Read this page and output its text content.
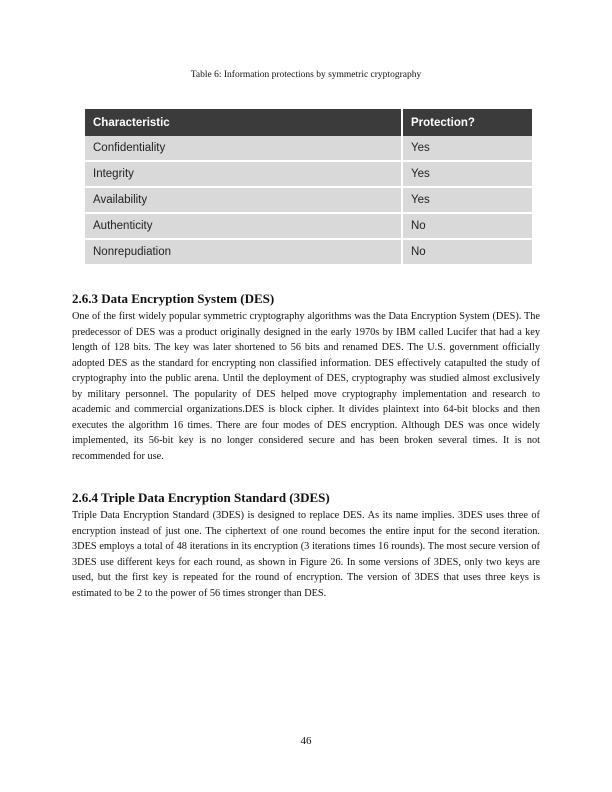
Table 6: Information protections by symmetric cryptography
Characteristic	Protection?
Confidentiality	Yes
Integrity	Yes
Availability	Yes
Authenticity	No
Nonrepudiation	No
2.6.3 Data Encryption System (DES)

One of the first widely popular symmetric cryptography algorithms was the Data Encryption System (DES). The predecessor of DES was a product originally designed in the early 1970s by IBM called Lucifer that had a key length of 128 bits. The key was later shortened to 56 bits and renamed DES. The U.S. government officially adopted DES as the standard for encrypting non classified information. DES effectively catapulted the study of cryptography into the public arena. Until the deployment of DES, cryptography was studied almost exclusively by military personnel. The popularity of DES helped move cryptography implementation and research to academic and commercial organizations.DES is block cipher. It divides plaintext into 64-bit blocks and then executes the algorithm 16 times. There are four modes of DES encryption. Although DES was once widely implemented, its 56-bit key is no longer considered secure and has been broken several times. It is not recommended for use.

2.6.4 Triple Data Encryption Standard (3DES)

Triple Data Encryption Standard (3DES) is designed to replace DES. As its name implies. 3DES uses three of encryption instead of just one. The ciphertext of one round becomes the entire input for the second iteration. 3DES employs a total of 48 iterations in its encryption (3 iterations times 16 rounds). The most secure version of 3DES use different keys for each round, as shown in Figure 26. In some versions of 3DES, only two keys are used, but the first key is repeated for the round of encryption. The version of 3DES that uses three keys is estimated to be 2 to the power of 56 times stronger than DES.

46
